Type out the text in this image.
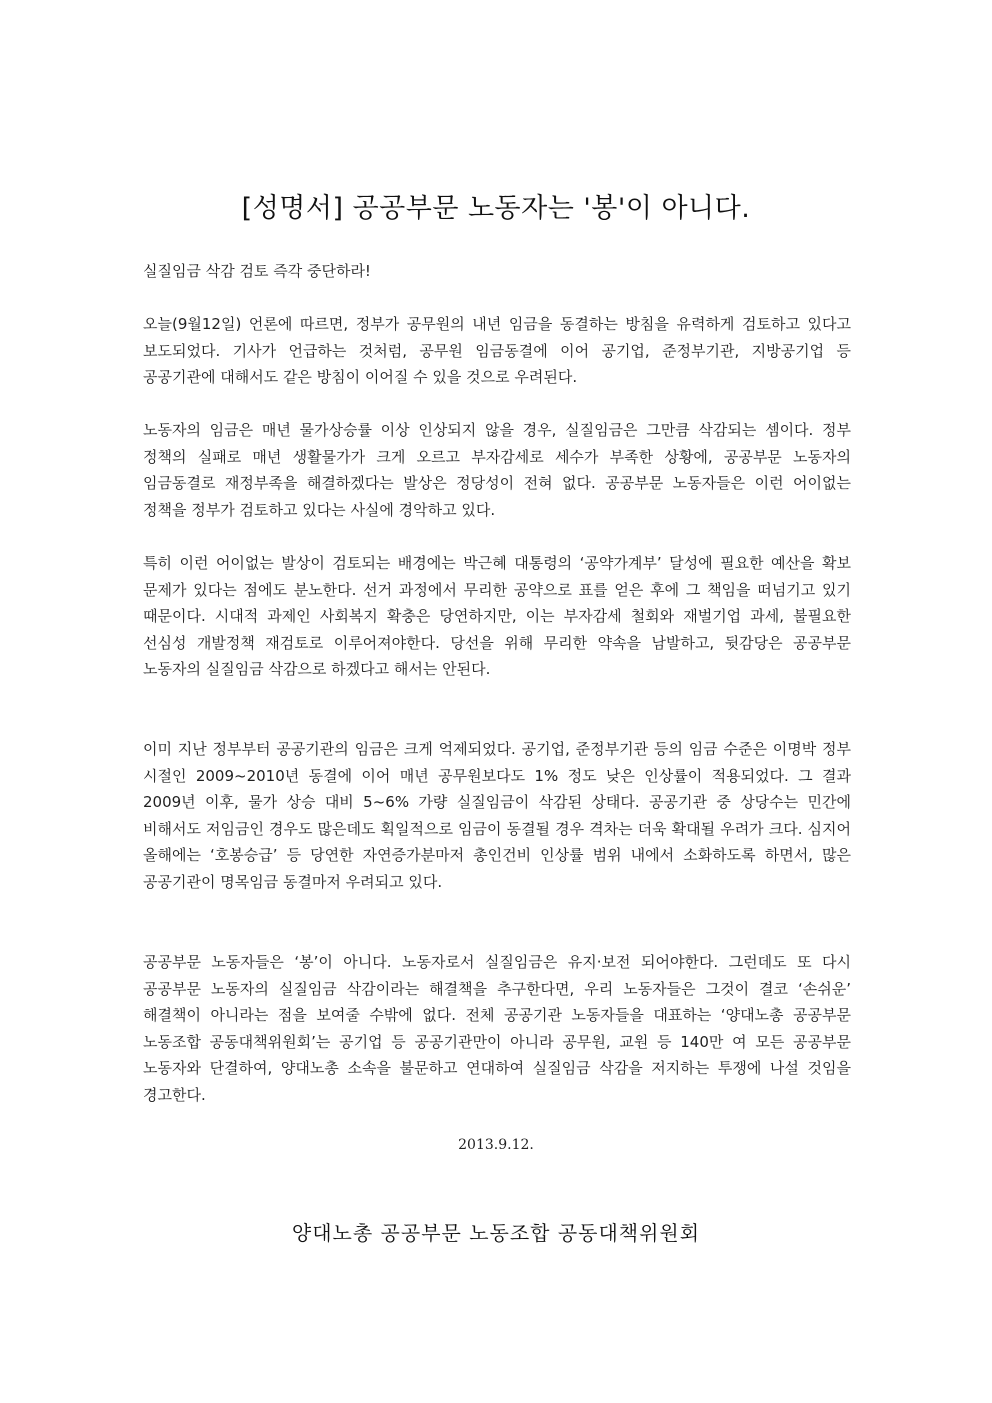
[성명서] 공공부문 노동자는 '봉'이 아니다.
실질임금 삭감 검토 즉각 중단하라!
오늘(9월12일) 언론에 따르면, 정부가 공무원의 내년 임금을 동결하는 방침을 유력하게 검토하고 있다고 보도되었다. 기사가 언급하는 것처럼, 공무원 임금동결에 이어 공기업, 준정부기관, 지방공기업 등 공공기관에 대해서도 같은 방침이 이어질 수 있을 것으로 우려된다.
노동자의 임금은 매년 물가상승률 이상 인상되지 않을 경우, 실질임금은 그만큼 삭감되는 셈이다. 정부 정책의 실패로 매년 생활물가가 크게 오르고 부자감세로 세수가 부족한 상황에, 공공부문 노동자의 임금동결로 재정부족을 해결하겠다는 발상은 정당성이 전혀 없다. 공공부문 노동자들은 이런 어이없는 정책을 정부가 검토하고 있다는 사실에 경악하고 있다.
특히 이런 어이없는 발상이 검토되는 배경에는 박근혜 대통령의 ‘공약가계부’ 달성에 필요한 예산을 확보 문제가 있다는 점에도 분노한다. 선거 과정에서 무리한 공약으로 표를 얻은 후에 그 책임을 떠넘기고 있기 때문이다. 시대적 과제인 사회복지 확충은 당연하지만, 이는 부자감세 철회와 재벌기업 과세, 불필요한 선심성 개발정책 재검토로 이루어져야한다. 당선을 위해 무리한 약속을 남발하고, 뒷감당은 공공부문 노동자의 실질임금 삭감으로 하겠다고 해서는 안된다.
이미 지난 정부부터 공공기관의 임금은 크게 억제되었다. 공기업, 준정부기관 등의 임금 수준은 이명박 정부 시절인 2009~2010년 동결에 이어 매년 공무원보다도 1% 정도 낮은 인상률이 적용되었다. 그 결과 2009년 이후, 물가 상승 대비 5~6% 가량 실질임금이 삭감된 상태다. 공공기관 중 상당수는 민간에 비해서도 저임금인 경우도 많은데도 획일적으로 임금이 동결될 경우 격차는 더욱 확대될 우려가 크다. 심지어 올해에는 ‘호봉승급’ 등 당연한 자연증가분마저 총인건비 인상률 범위 내에서 소화하도록 하면서, 많은 공공기관이 명목임금 동결마저 우려되고 있다.
공공부문 노동자들은 ‘봉’이 아니다. 노동자로서 실질임금은 유지·보전 되어야한다. 그런데도 또 다시 공공부문 노동자의 실질임금 삭감이라는 해결책을 추구한다면, 우리 노동자들은 그것이 결코 ‘손쉬운’ 해결책이 아니라는 점을 보여줄 수밖에 없다. 전체 공공기관 노동자들을 대표하는 ‘양대노총 공공부문 노동조합 공동대책위원회’는 공기업 등 공공기관만이 아니라 공무원, 교원 등 140만 여 모든 공공부문 노동자와 단결하여, 양대노총 소속을 불문하고 연대하여 실질임금 삭감을 저지하는 투쟁에 나설 것임을 경고한다.
2013.9.12.
양대노총 공공부문 노동조합 공동대책위원회
